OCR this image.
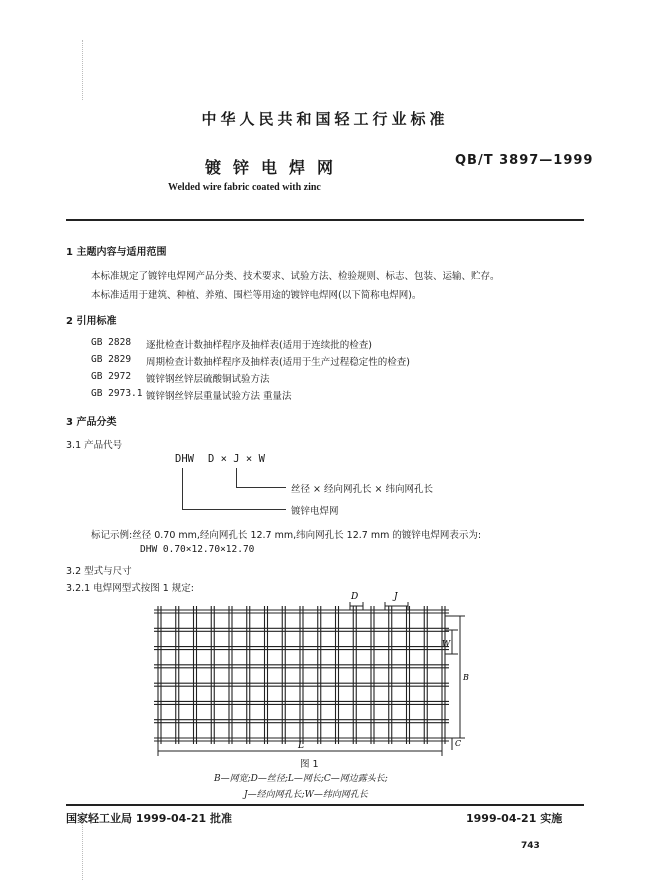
中华人民共和国轻工行业标准
镀锌电焊网	QB/T 3897—1999
Welded wire fabric coated with zinc
1 主题内容与适用范围
本标准规定了镀锌电焊网产品分类、技术要求、试验方法、检验规则、标志、包装、运输、贮存。
本标准适用于建筑、种植、养殖、围栏等用途的镀锌电焊网(以下简称电焊网)。
2 引用标准
GB 2828 逐批检查计数抽样程序及抽样表(适用于连续批的检查)
GB 2829 周期检查计数抽样程序及抽样表(适用于生产过程稳定性的检查)
GB 2972 镀锌钢丝锌层硫酸铜试验方法
GB 2973.1 镀锌钢丝锌层重量试验方法 重量法
3 产品分类
3.1 产品代号
DHW D × J × W
丝径 × 经向网孔长 × 纬向网孔长
镀锌电焊网
标记示例:丝径 0.70 mm,经向网孔长 12.7 mm,纬向网孔长 12.7 mm 的镀锌电焊网表示为:
DHW 0.70×12.70×12.70
3.2 型式与尺寸
3.2.1 电焊网型式按图 1 规定:
D	J
W
B
C
L
图 1
B—网宽;D—丝径;L—网长;C—网边露头长;
J—经向网孔长;W—纬向网孔长
国家轻工业局 1999-04-21 批准	1999-04-21 实施
743
